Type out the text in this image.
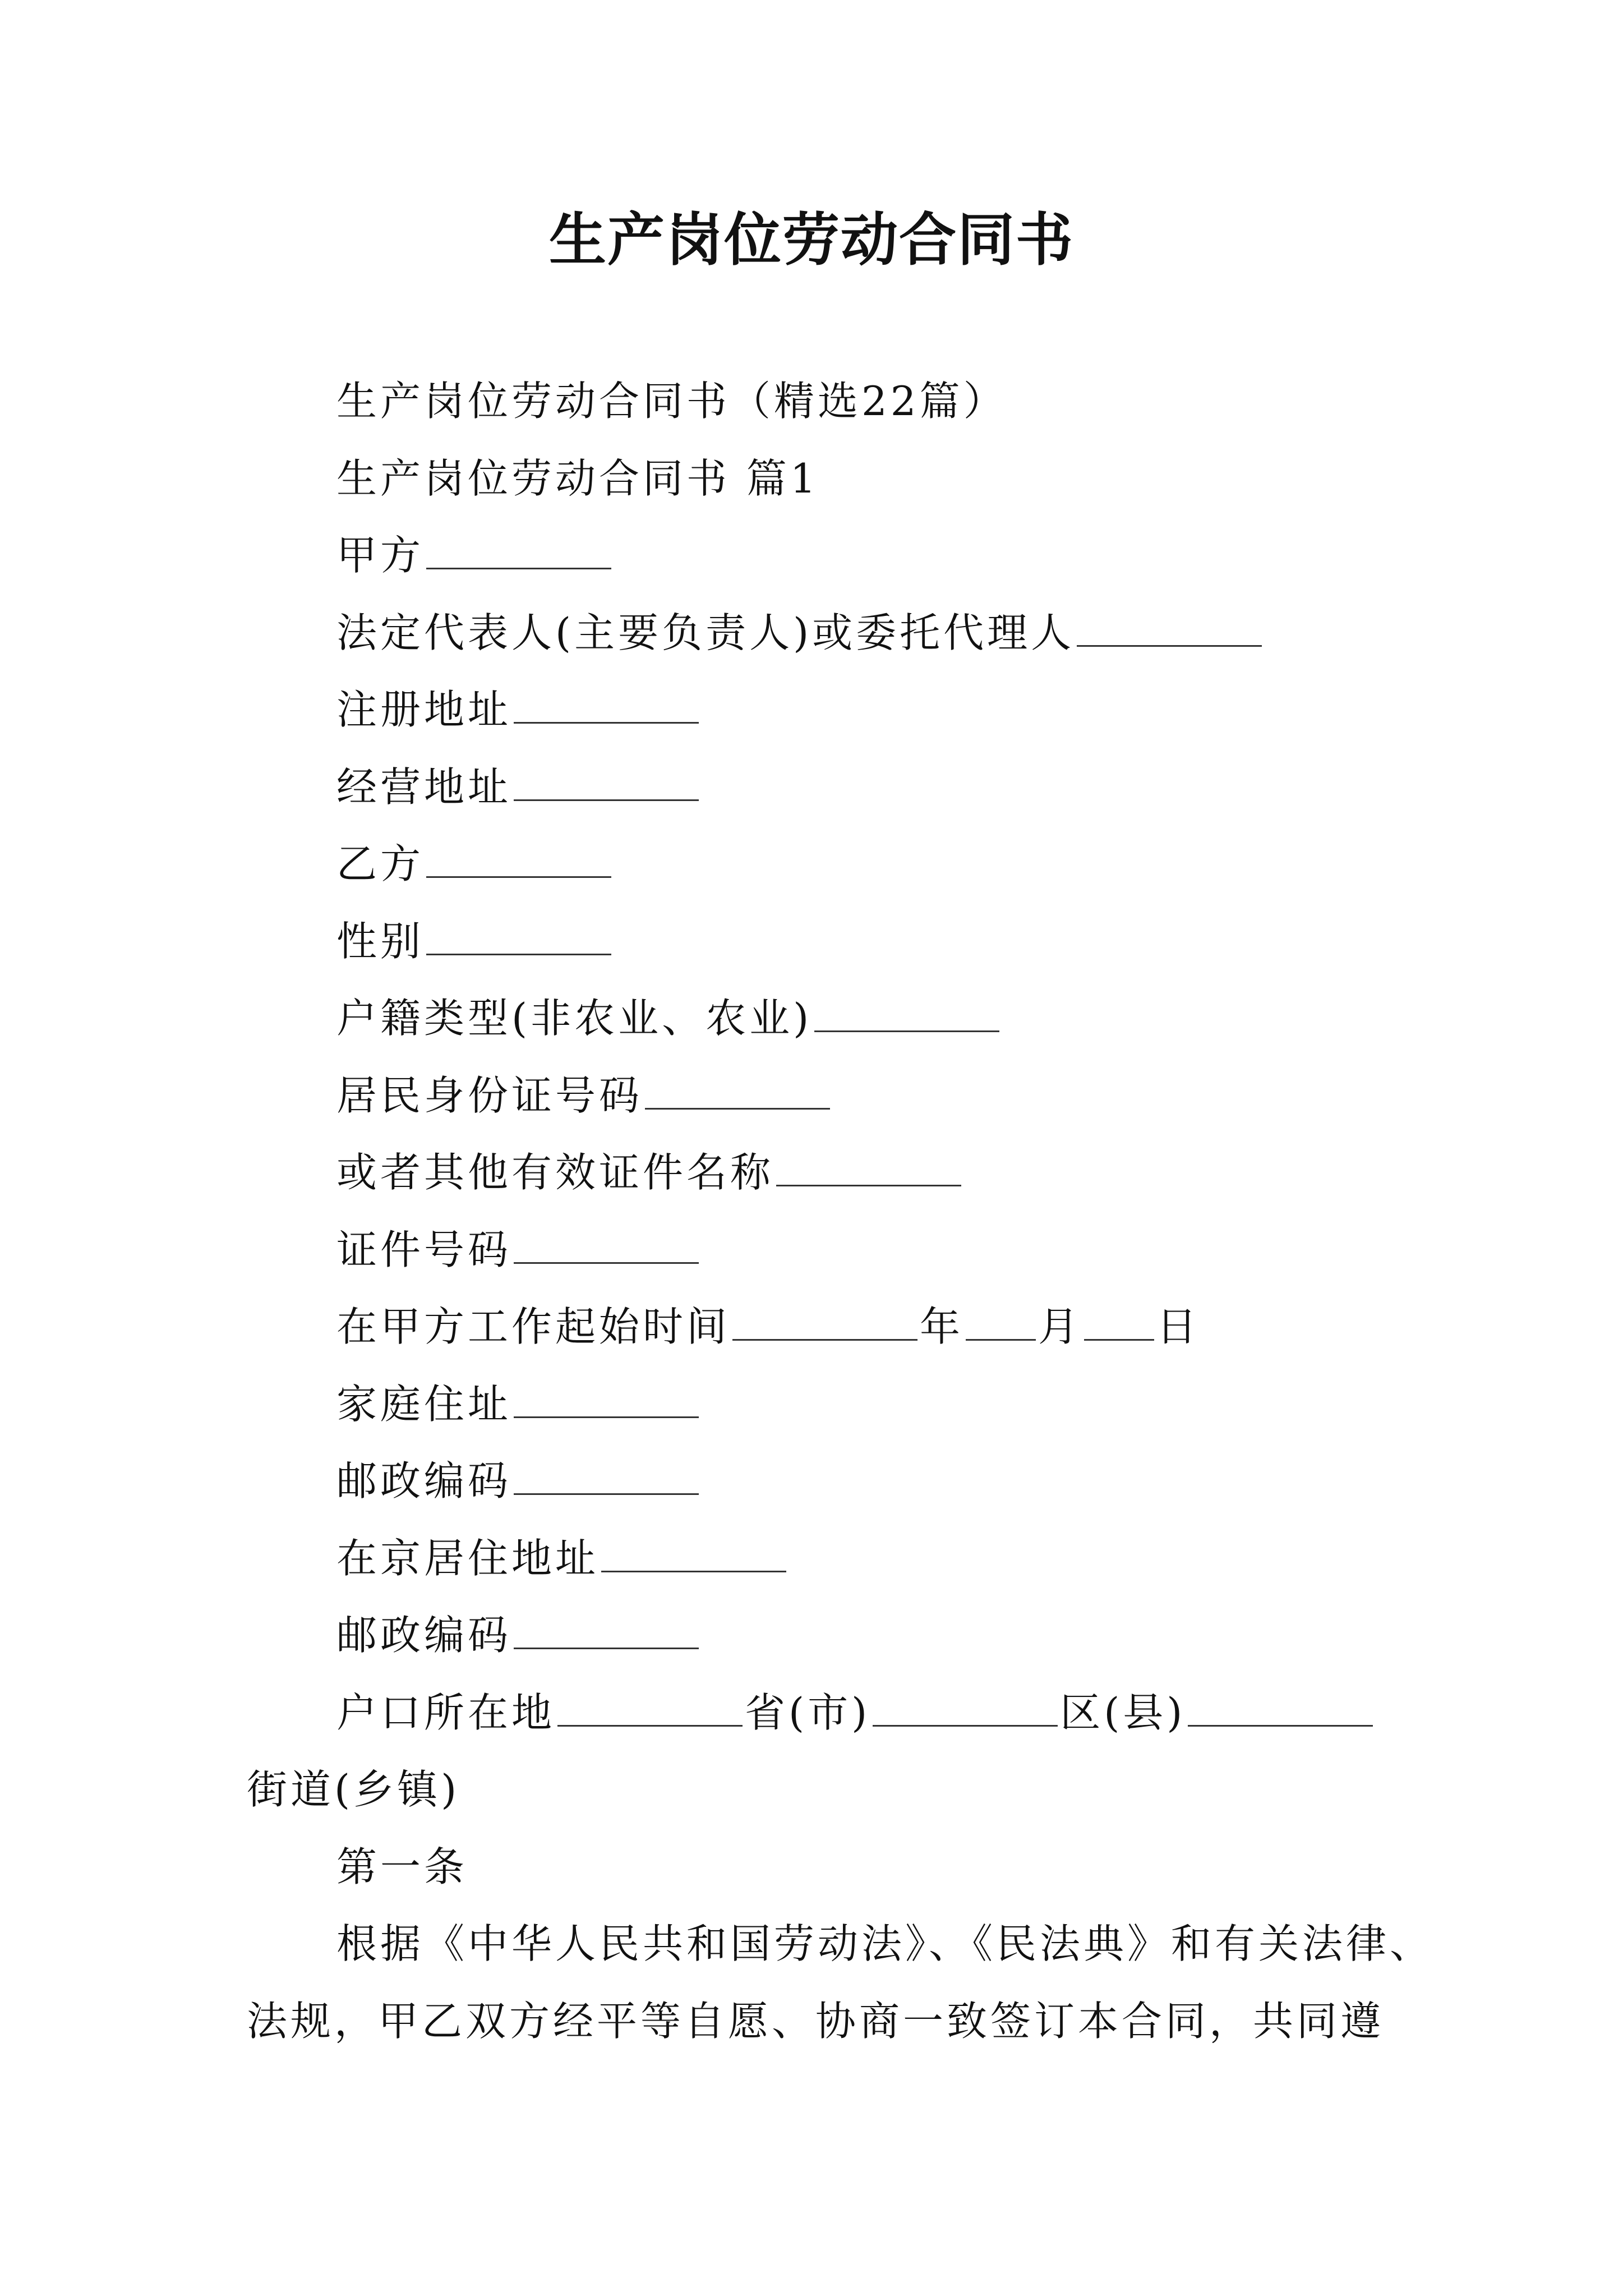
生产岗位劳动合同书
生产岗位劳动合同书（精选22篇）
生产岗位劳动合同书 篇1
甲方
法定代表人(主要负责人)或委托代理人
注册地址
经营地址
乙方
性别
户籍类型(非农业、农业)
居民身份证号码
或者其他有效证件名称
证件号码
在甲方工作起始时间	年 月 日
家庭住址
邮政编码
在京居住地址
邮政编码
户口所在地	省(市)	区(县)
街道(乡镇)
第一条
根据《中华人民共和国劳动法》、《民法典》和有关法律、
法规，甲乙双方经平等自愿、协商一致签订本合同，共同遵
